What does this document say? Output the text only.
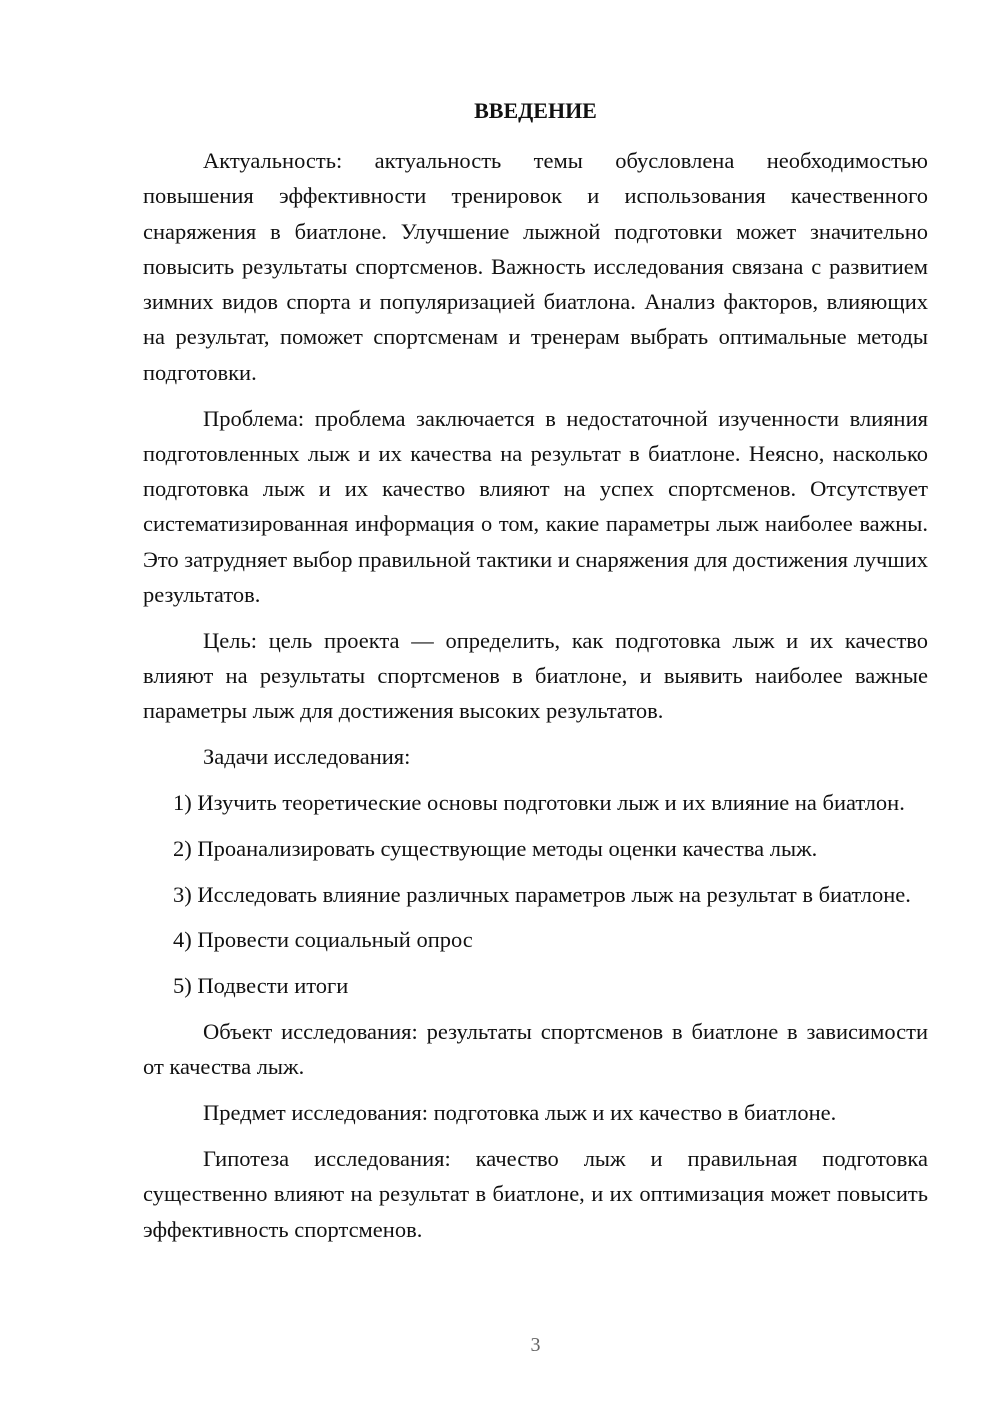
ВВЕДЕНИЕ

Актуальность: актуальность темы обусловлена необходимостью повышения эффективности тренировок и использования качественного снаряжения в биатлоне. Улучшение лыжной подготовки может значительно повысить результаты спортсменов. Важность исследования связана с развитием зимних видов спорта и популяризацией биатлона. Анализ факторов, влияющих на результат, поможет спортсменам и тренерам выбрать оптимальные методы подготовки.

Проблема: проблема заключается в недостаточной изученности влияния подготовленных лыж и их качества на результат в биатлоне. Неясно, насколько подготовка лыж и их качество влияют на успех спортсменов. Отсутствует систематизированная информация о том, какие параметры лыж наиболее важны. Это затрудняет выбор правильной тактики и снаряжения для достижения лучших результатов.

Цель: цель проекта — определить, как подготовка лыж и их качество влияют на результаты спортсменов в биатлоне, и выявить наиболее важные параметры лыж для достижения высоких результатов.

Задачи исследования:

1) Изучить теоретические основы подготовки лыж и их влияние на биатлон.

2) Проанализировать существующие методы оценки качества лыж.

3) Исследовать влияние различных параметров лыж на результат в биатлоне.

4) Провести социальный опрос

5) Подвести итоги

Объект исследования: результаты спортсменов в биатлоне в зависимости от качества лыж.

Предмет исследования: подготовка лыж и их качество в биатлоне.

Гипотеза исследования: качество лыж и правильная подготовка существенно влияют на результат в биатлоне, и их оптимизация может повысить эффективность спортсменов.

3
